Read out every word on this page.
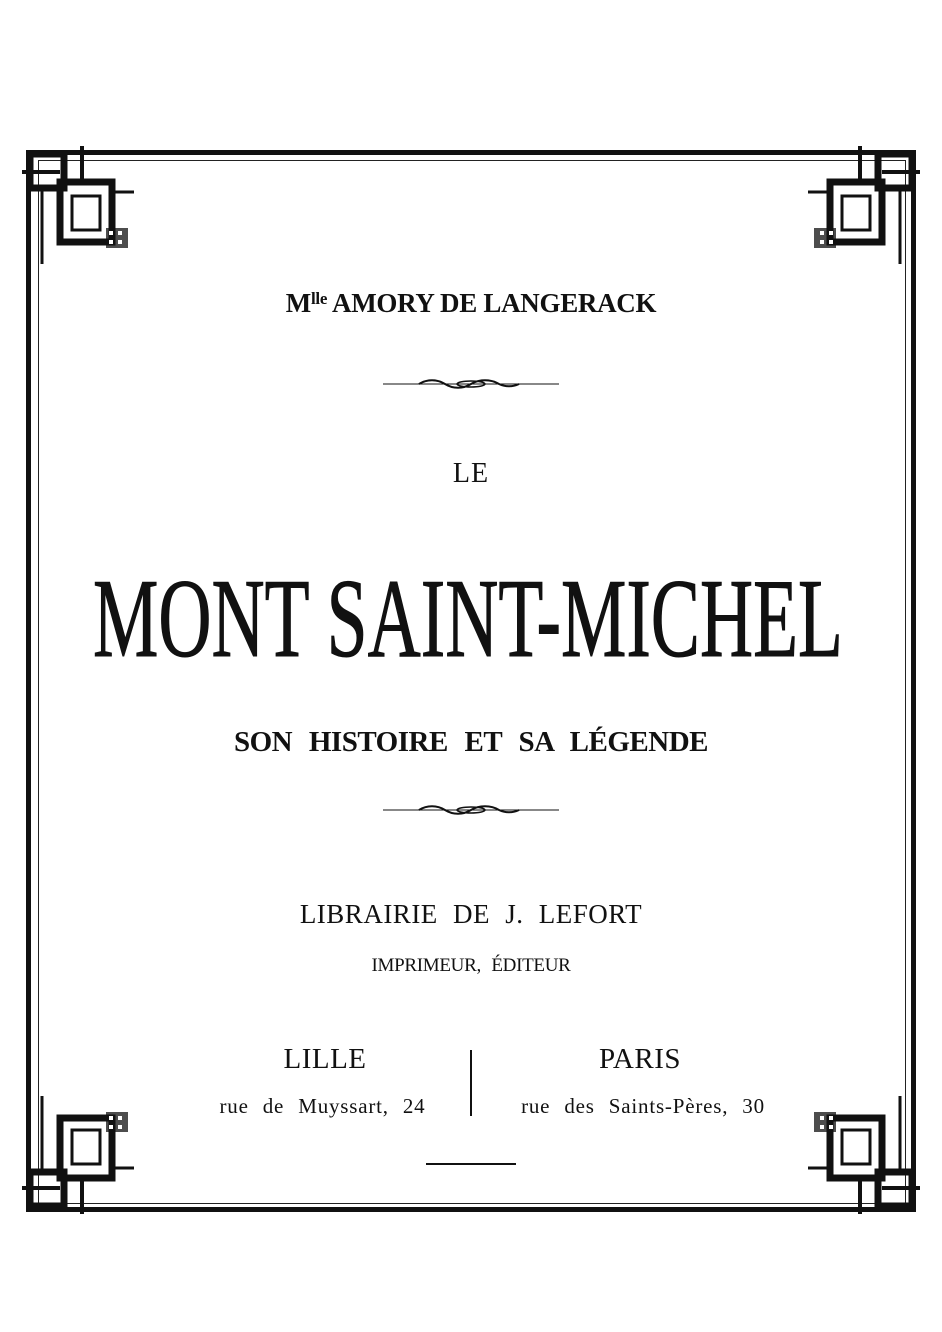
$M^{lle}$ AMORY DE LANGERACK
LE
MONT SAINT-MICHEL
SON HISTOIRE ET SA LÉGENDE
LIBRAIRIE DE J. LEFORT
IMPRIMEUR, ÉDITEUR
LILLE
rue de Muyssart, 24
PARIS
rue des Saints-Pères, 30
